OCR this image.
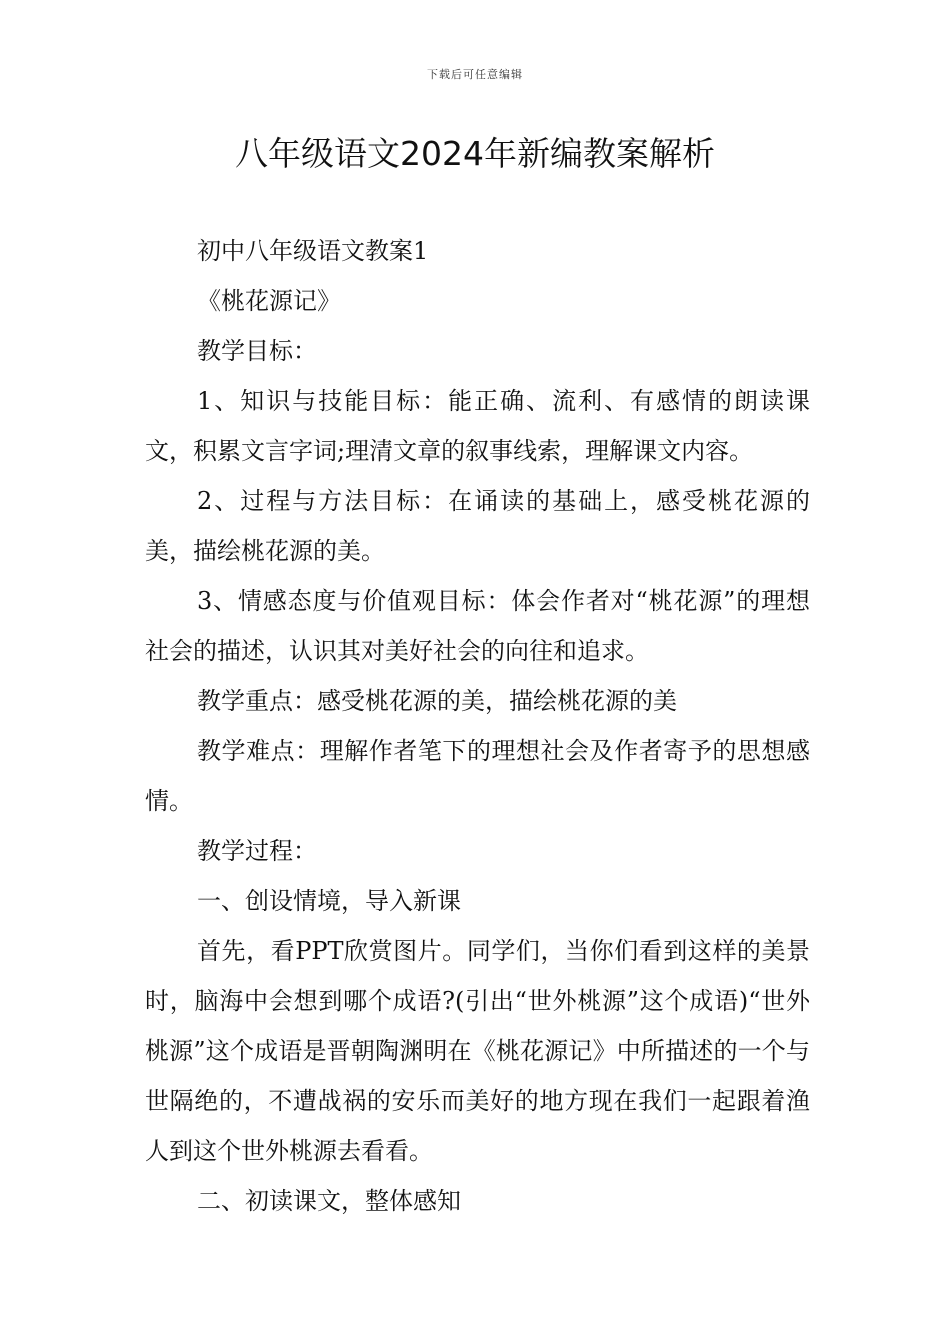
下载后可任意编辑
八年级语文2024年新编教案解析

初中八年级语文教案1

《桃花源记》

教学目标：

1、知识与技能目标：能正确、流利、有感情的朗读课文，积累文言字词;理清文章的叙事线索，理解课文内容。

2、过程与方法目标：在诵读的基础上，感受桃花源的美，描绘桃花源的美。

3、情感态度与价值观目标：体会作者对“桃花源”的理想社会的描述，认识其对美好社会的向往和追求。

教学重点：感受桃花源的美，描绘桃花源的美

教学难点：理解作者笔下的理想社会及作者寄予的思想感情。

教学过程：

一、创设情境，导入新课

首先，看PPT欣赏图片。同学们，当你们看到这样的美景时，脑海中会想到哪个成语?(引出“世外桃源”这个成语)“世外桃源”这个成语是晋朝陶渊明在《桃花源记》中所描述的一个与世隔绝的，不遭战祸的安乐而美好的地方现在我们一起跟着渔人到这个世外桃源去看看。

二、初读课文，整体感知
